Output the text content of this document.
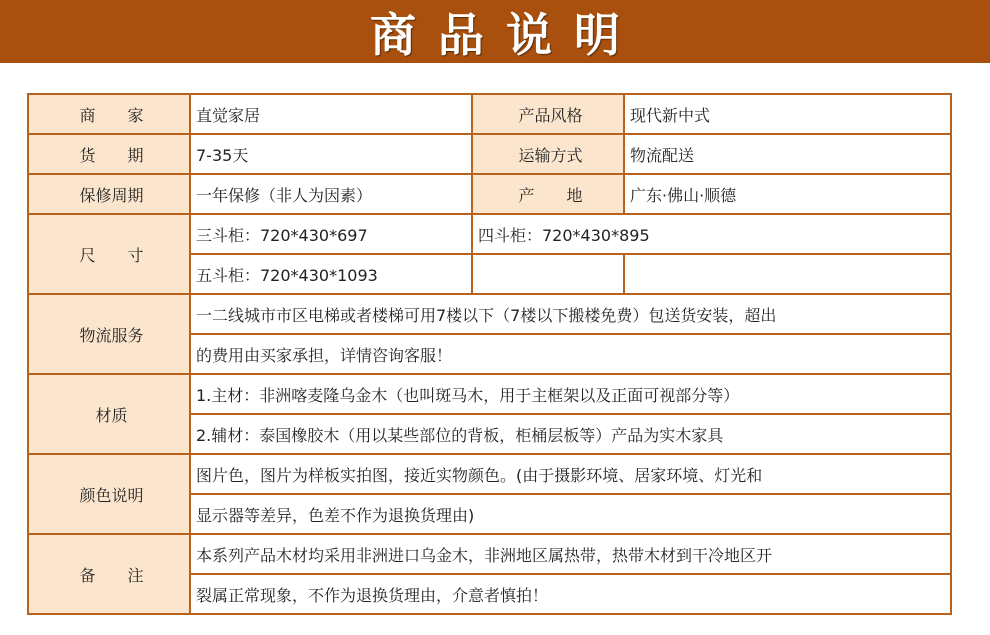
商品说明
商　　家	直觉家居	产品风格	现代新中式
货　　期	7-35天	运输方式	物流配送
保修周期	一年保修（非人为因素）	产　　地	广东·佛山·顺德
尺　　寸	三斗柜：720*430*697	四斗柜：720*430*895	
	五斗柜：720*430*1093		
物流服务	一二线城市市区电梯或者楼梯可用7楼以下（7楼以下搬楼免费）包送货安装，超出		
	的费用由买家承担，详情咨询客服！		
材质	1.主材：非洲喀麦隆乌金木（也叫斑马木，用于主框架以及正面可视部分等）		
	2.辅材：泰国橡胶木（用以某些部位的背板，柜桶层板等）产品为实木家具		
颜色说明	图片色，图片为样板实拍图，接近实物颜色。(由于摄影环境、居家环境、灯光和		
	显示器等差异，色差不作为退换货理由)		
备　　注	本系列产品木材均采用非洲进口乌金木，非洲地区属热带，热带木材到干冷地区开		
	裂属正常现象，不作为退换货理由，介意者慎拍！		
